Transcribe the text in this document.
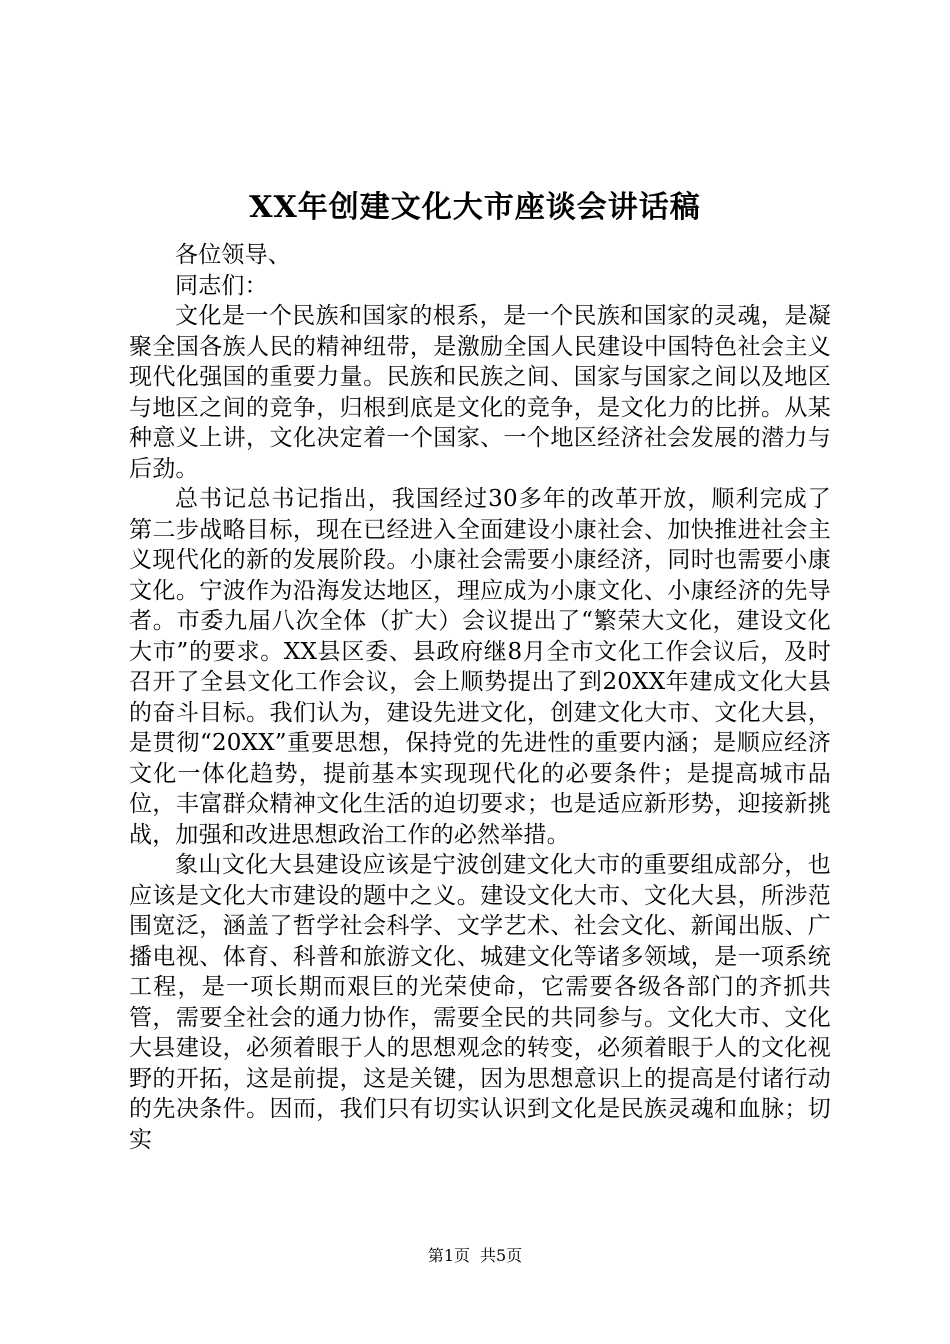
XX年创建文化大市座谈会讲话稿

各位领导、

同志们：

文化是一个民族和国家的根系，是一个民族和国家的灵魂，是凝聚全国各族人民的精神纽带，是激励全国人民建设中国特色社会主义现代化强国的重要力量。民族和民族之间、国家与国家之间以及地区与地区之间的竞争，归根到底是文化的竞争，是文化力的比拼。从某种意义上讲，文化决定着一个国家、一个地区经济社会发展的潜力与后劲。

总书记总书记指出，我国经过30多年的改革开放，顺利完成了第二步战略目标，现在已经进入全面建设小康社会、加快推进社会主义现代化的新的发展阶段。小康社会需要小康经济，同时也需要小康文化。宁波作为沿海发达地区，理应成为小康文化、小康经济的先导者。市委九届八次全体（扩大）会议提出了“繁荣大文化，建设文化大市”的要求。XX县区委、县政府继8月全市文化工作会议后，及时召开了全县文化工作会议，会上顺势提出了到20XX年建成文化大县的奋斗目标。我们认为，建设先进文化，创建文化大市、文化大县，是贯彻“20XX”重要思想，保持党的先进性的重要内涵；是顺应经济文化一体化趋势，提前基本实现现代化的必要条件；是提高城市品位，丰富群众精神文化生活的迫切要求；也是适应新形势，迎接新挑战，加强和改进思想政治工作的必然举措。

象山文化大县建设应该是宁波创建文化大市的重要组成部分，也应该是文化大市建设的题中之义。建设文化大市、文化大县，所涉范围宽泛，涵盖了哲学社会科学、文学艺术、社会文化、新闻出版、广播电视、体育、科普和旅游文化、城建文化等诸多领域，是一项系统工程，是一项长期而艰巨的光荣使命，它需要各级各部门的齐抓共管，需要全社会的通力协作，需要全民的共同参与。文化大市、文化大县建设，必须着眼于人的思想观念的转变，必须着眼于人的文化视野的开拓，这是前提，这是关键，因为思想意识上的提高是付诸行动的先决条件。因而，我们只有切实认识到文化是民族灵魂和血脉；切实

第1页 共5页
